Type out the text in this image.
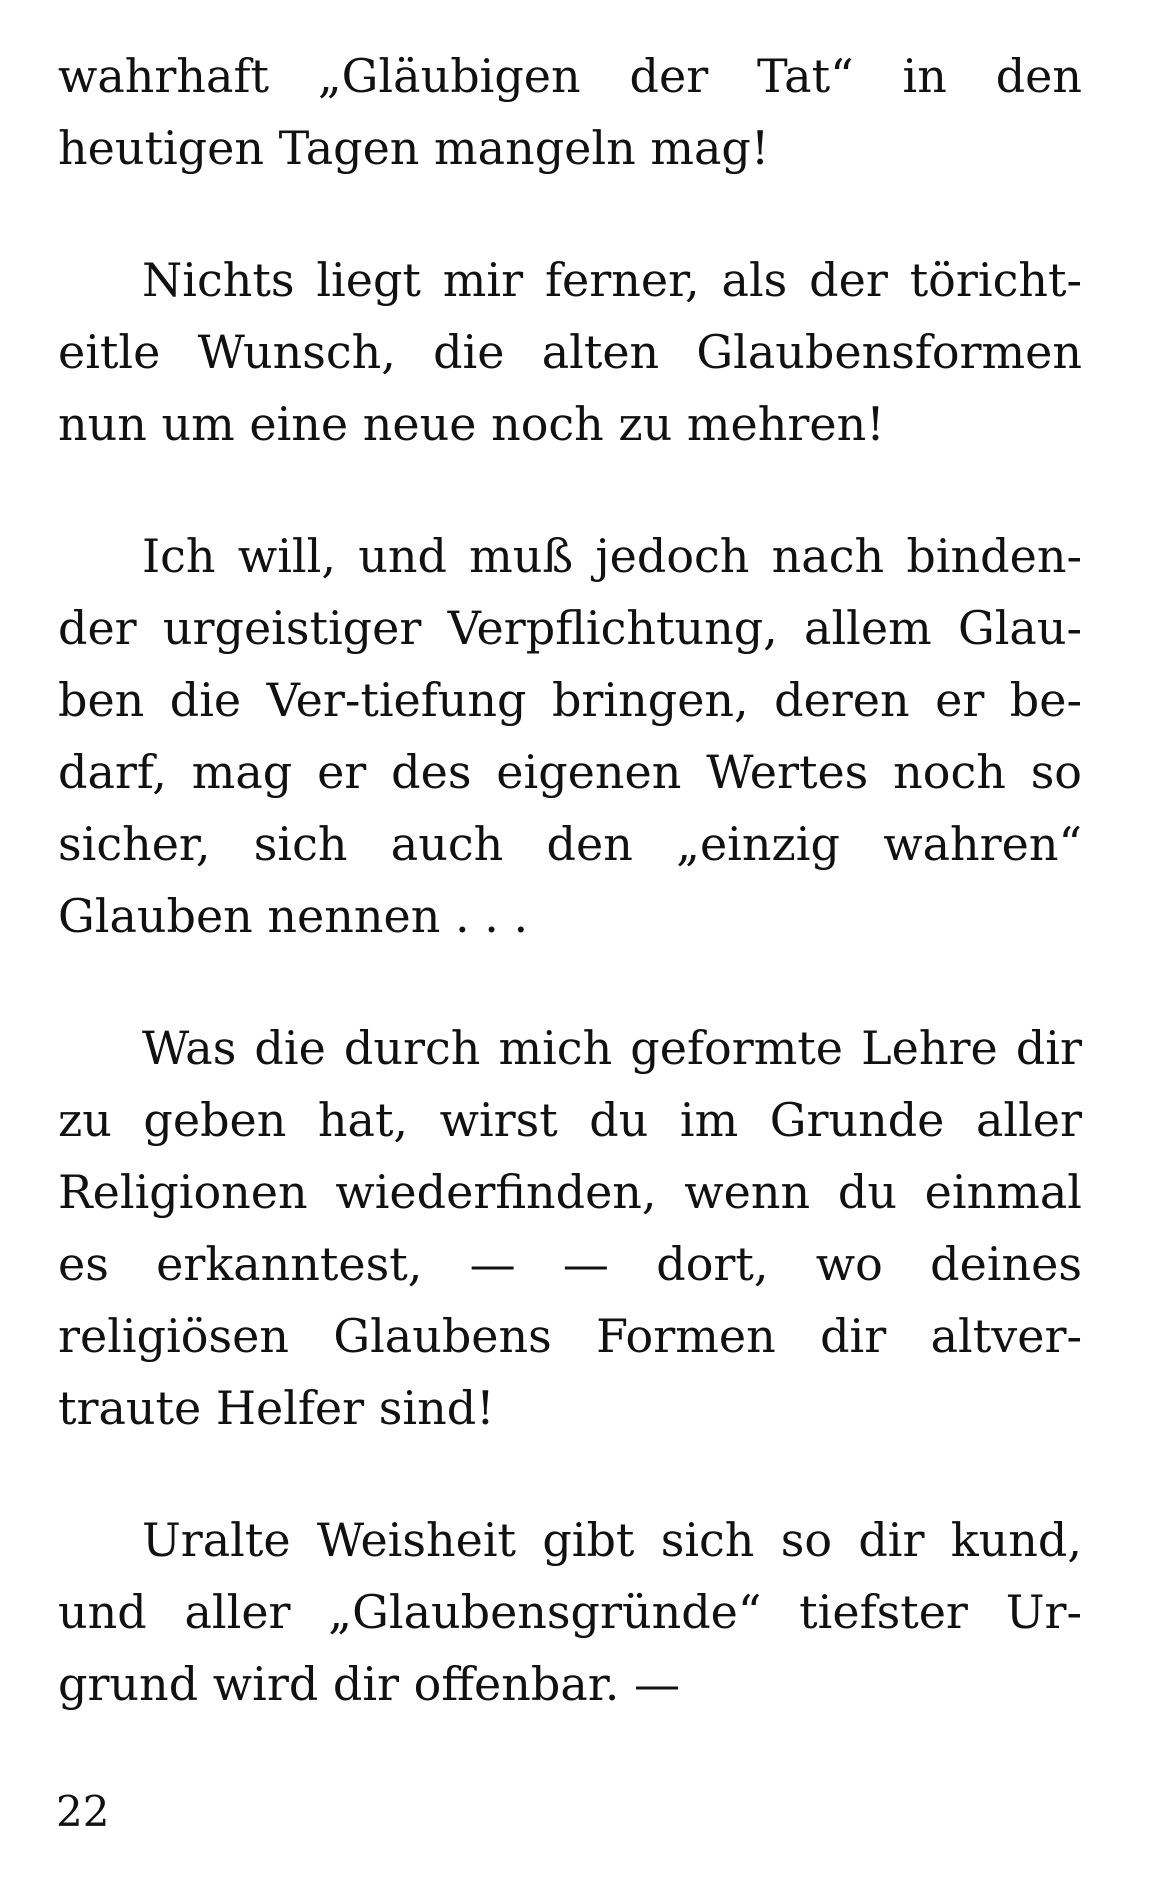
wahrhaft „Gläubigen der Tat“ in den
heutigen Tagen mangeln mag!
Nichts liegt mir ferner, als der töricht-
eitle Wunsch, die alten Glaubensformen
nun um eine neue noch zu mehren!
Ich will, und muß jedoch nach binden-
der urgeistiger Verpflichtung, allem Glau-
ben die Ver-tiefung bringen, deren er be-
darf, mag er des eigenen Wertes noch so
sicher, sich auch den „einzig wahren“
Glauben nennen . . .
Was die durch mich geformte Lehre dir
zu geben hat, wirst du im Grunde aller
Religionen wiederfinden, wenn du einmal
es erkanntest, — — dort, wo deines
religiösen Glaubens Formen dir altver-
traute Helfer sind!
Uralte Weisheit gibt sich so dir kund,
und aller „Glaubensgründe“ tiefster Ur-
grund wird dir offenbar. —
22
